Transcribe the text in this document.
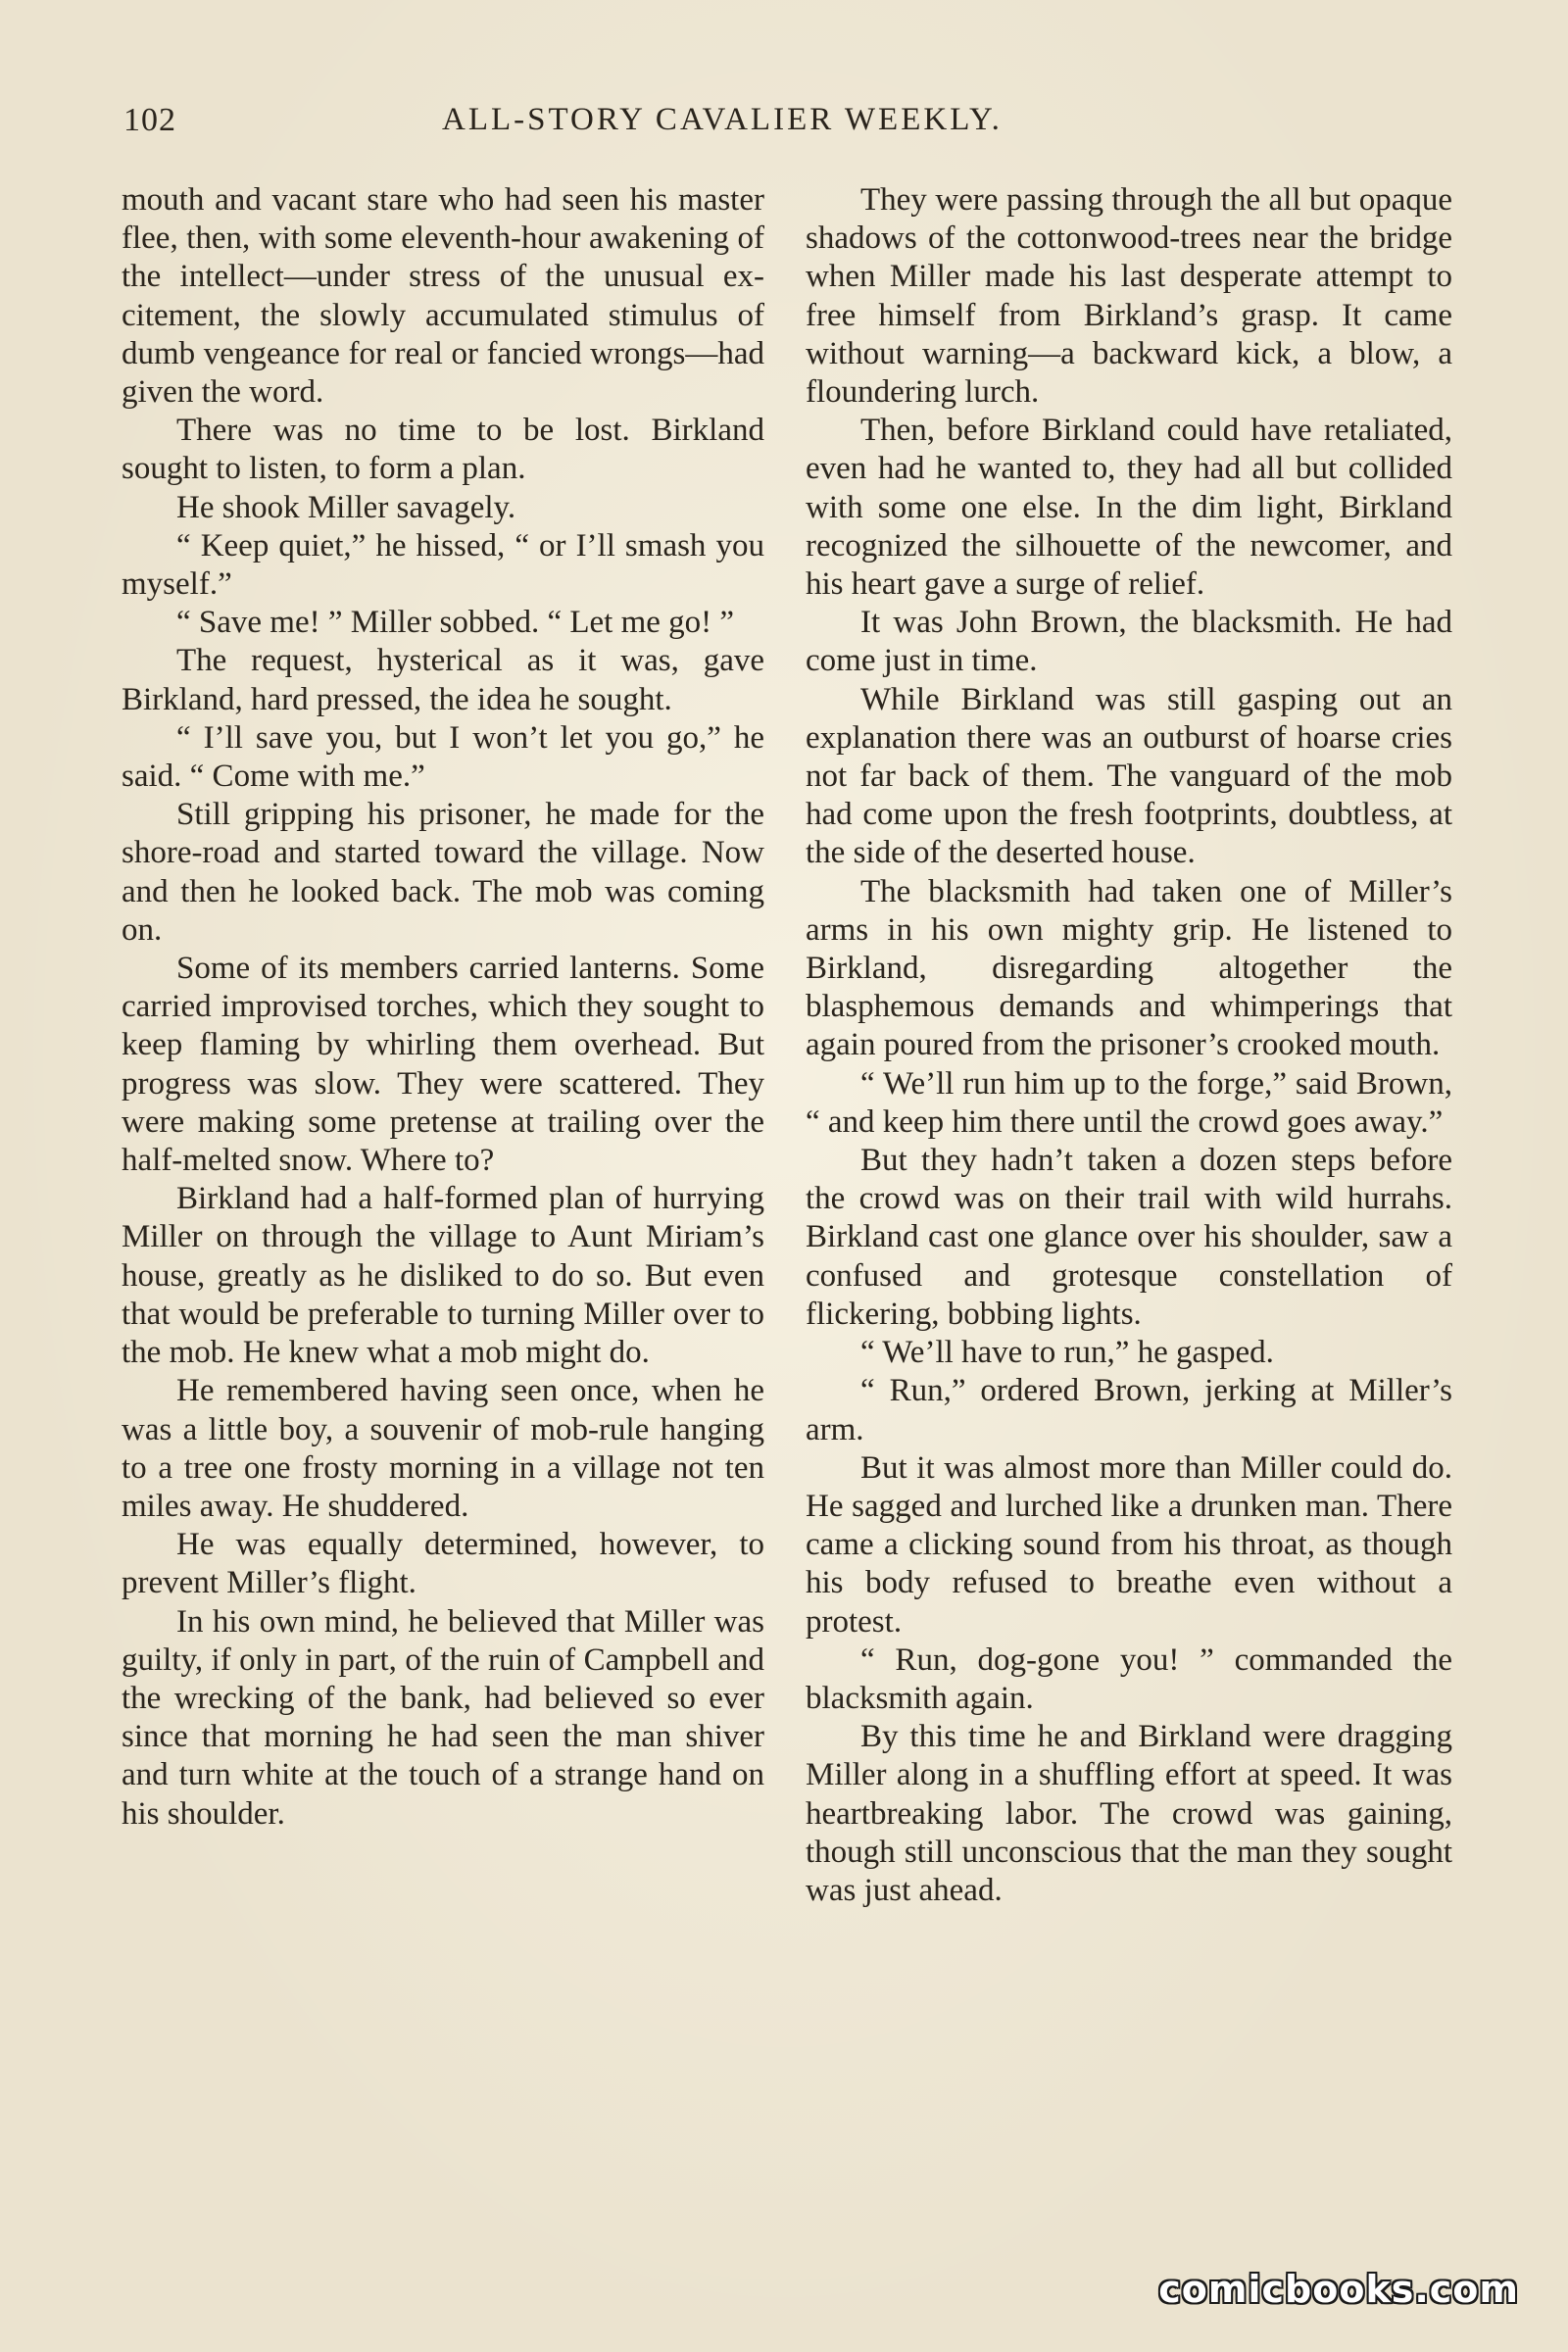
102	ALL-STORY CAVALIER WEEKLY.

mouth and vacant stare who had seen his master flee, then, with some eleventh-hour awakening of the intellect—under stress of the unusual excitement, the slowly accumulated stimulus of dumb vengeance for real or fancied wrongs—had given the word.

There was no time to be lost. Birkland sought to listen, to form a plan.

He shook Miller savagely.

“ Keep quiet,” he hissed, “ or I’ll smash you myself.”

“ Save me! ” Miller sobbed. “ Let me go! ”

The request, hysterical as it was, gave Birkland, hard pressed, the idea he sought.

“ I’ll save you, but I won’t let you go,” he said. “ Come with me.”

Still gripping his prisoner, he made for the shore-road and started toward the village. Now and then he looked back. The mob was coming on.

Some of its members carried lanterns. Some carried improvised torches, which they sought to keep flaming by whirling them overhead. But progress was slow. They were scattered. They were making some pretense at trailing over the half-melted snow. Where to?

Birkland had a half-formed plan of hurrying Miller on through the village to Aunt Miriam’s house, greatly as he disliked to do so. But even that would be preferable to turning Miller over to the mob. He knew what a mob might do.

He remembered having seen once, when he was a little boy, a souvenir of mob-rule hanging to a tree one frosty morning in a village not ten miles away. He shuddered.

He was equally determined, however, to prevent Miller’s flight.

In his own mind, he believed that Miller was guilty, if only in part, of the ruin of Campbell and the wrecking of the bank, had believed so ever since that morning he had seen the man shiver and turn white at the touch of a strange hand on his shoulder.

They were passing through the all but opaque shadows of the cottonwood-trees near the bridge when Miller made his last desperate attempt to free himself from Birkland’s grasp. It came without warning—a backward kick, a blow, a floundering lurch.

Then, before Birkland could have retaliated, even had he wanted to, they had all but collided with some one else. In the dim light, Birkland recognized the silhouette of the newcomer, and his heart gave a surge of relief.

It was John Brown, the blacksmith. He had come just in time.

While Birkland was still gasping out an explanation there was an outburst of hoarse cries not far back of them. The vanguard of the mob had come upon the fresh footprints, doubtless, at the side of the deserted house.

The blacksmith had taken one of Miller’s arms in his own mighty grip. He listened to Birkland, disregarding altogether the blasphemous demands and whimperings that again poured from the prisoner’s crooked mouth.

“ We’ll run him up to the forge,” said Brown, “ and keep him there until the crowd goes away.”

But they hadn’t taken a dozen steps before the crowd was on their trail with wild hurrahs. Birkland cast one glance over his shoulder, saw a confused and grotesque constellation of flickering, bobbing lights.

“ We’ll have to run,” he gasped.

“ Run,” ordered Brown, jerking at Miller’s arm.

But it was almost more than Miller could do. He sagged and lurched like a drunken man. There came a clicking sound from his throat, as though his body refused to breathe even without a protest.

“ Run, dog-gone you! ” commanded the blacksmith again.

By this time he and Birkland were dragging Miller along in a shuffling effort at speed. It was heartbreaking labor. The crowd was gaining, though still unconscious that the man they sought was just ahead.

comicbooks.com
